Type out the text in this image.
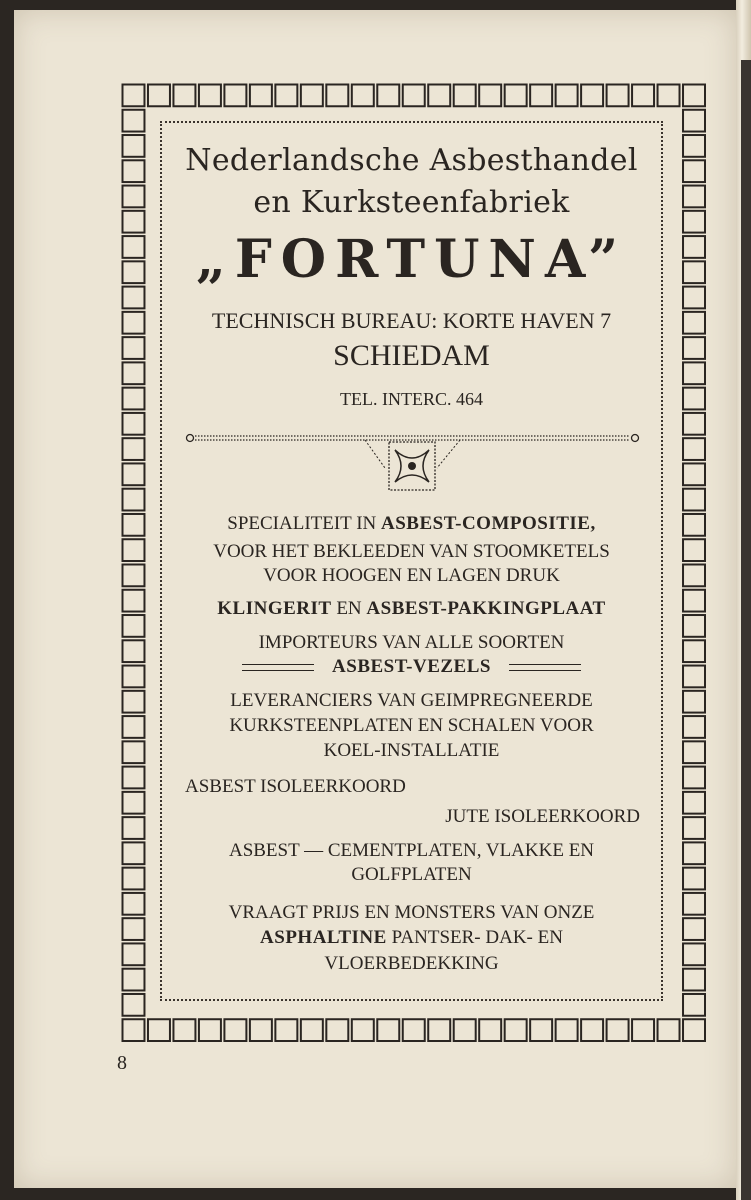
Nederlandsche Asbesthandel

en Kurksteenfabriek

„FORTUNA”

TECHNISCH BUREAU: KORTE HAVEN 7

SCHIEDAM

TEL. INTERC. 464

SPECIALITEIT IN ASBEST-COMPOSITIE,

VOOR HET BEKLEEDEN VAN STOOMKETELS

VOOR HOOGEN EN LAGEN DRUK

KLINGERIT EN ASBEST-PAKKINGPLAAT

IMPORTEURS VAN ALLE SOORTEN

ASBEST-VEZELS

LEVERANCIERS VAN GEIMPREGNEERDE

KURKSTEENPLATEN EN SCHALEN VOOR

KOEL-INSTALLATIE

ASBEST ISOLEERKOORD

JUTE ISOLEERKOORD

ASBEST — CEMENTPLATEN, VLAKKE EN

GOLFPLATEN

VRAAGT PRIJS EN MONSTERS VAN ONZE

ASPHALTINE PANTSER- DAK- EN

VLOERBEDEKKING

8
